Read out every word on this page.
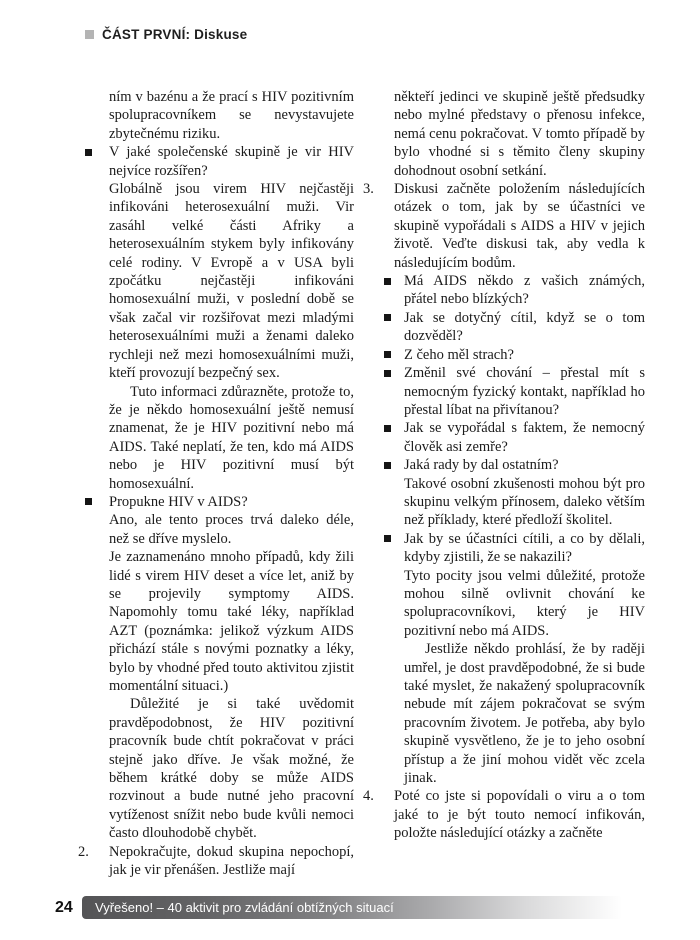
ČÁST PRVNÍ: Diskuse
ním v bazénu a že prací s HIV pozitivním spolupracovníkem se nevystavujete zbytečnému riziku.
V jaké společenské skupině je vir HIV nejvíce rozšířen?
Globálně jsou virem HIV nejčastěji infikováni heterosexuální muži. Vir zasáhl velké části Afriky a heterosexuálním stykem byly infikovány celé rodiny. V Evropě a v USA byli zpočátku nejčastěji infikováni homosexuální muži, v poslední době se však začal vir rozšiřovat mezi mladými heterosexuálními muži a ženami daleko rychleji než mezi homosexuálními muži, kteří provozují bezpečný sex.
Tuto informaci zdůrazněte, protože to, že je někdo homosexuální ještě nemusí znamenat, že je HIV pozitivní nebo má AIDS. Také neplatí, že ten, kdo má AIDS nebo je HIV pozitivní musí být homosexuální.
Propukne HIV v AIDS?
Ano, ale tento proces trvá daleko déle, než se dříve myslelo.
Je zaznamenáno mnoho případů, kdy žili lidé s virem HIV deset a více let, aniž by se projevily symptomy AIDS. Napomohly tomu také léky, například AZT (poznámka: jelikož výzkum AIDS přichází stále s novými poznatky a léky, bylo by vhodné před touto aktivitou zjistit momentální situaci.)
Důležité je si také uvědomit pravděpodobnost, že HIV pozitivní pracovník bude chtít pokračovat v práci stejně jako dříve. Je však možné, že během krátké doby se může AIDS rozvinout a bude nutné jeho pracovní vytíženost snížit nebo bude kvůli nemoci často dlouhodobě chybět.
2. Nepokračujte, dokud skupina nepochopí, jak je vir přenášen. Jestliže mají
někteří jedinci ve skupině ještě předsudky nebo mylné představy o přenosu infekce, nemá cenu pokračovat. V tomto případě by bylo vhodné si s těmito členy skupiny dohodnout osobní setkání.
3. Diskusi začněte položením následujících otázek o tom, jak by se účastníci ve skupině vypořádali s AIDS a HIV v jejich životě. Veďte diskusi tak, aby vedla k následujícím bodům.
Má AIDS někdo z vašich známých, přátel nebo blízkých?
Jak se dotyčný cítil, když se o tom dozvěděl?
Z čeho měl strach?
Změnil své chování – přestal mít s nemocným fyzický kontakt, například ho přestal líbat na přivítanou?
Jak se vypořádal s faktem, že nemocný člověk asi zemře?
Jaká rady by dal ostatním?
Takové osobní zkušenosti mohou být pro skupinu velkým přínosem, daleko větším než příklady, které předloží školitel.
Jak by se účastníci cítili, a co by dělali, kdyby zjistili, že se nakazili?
Tyto pocity jsou velmi důležité, protože mohou silně ovlivnit chování ke spolupracovníkovi, který je HIV pozitivní nebo má AIDS.
Jestliže někdo prohlásí, že by raději umřel, je dost pravděpodobné, že si bude také myslet, že nakažený spolupracovník nebude mít zájem pokračovat se svým pracovním životem. Je potřeba, aby bylo skupině vysvětleno, že je to jeho osobní přístup a že jiní mohou vidět věc zcela jinak.
4. Poté co jste si popovídali o viru a o tom jaké to je být touto nemocí infikován, položte následující otázky a začněte
24	Vyřešeno! – 40 aktivit pro zvládání obtížných situací
